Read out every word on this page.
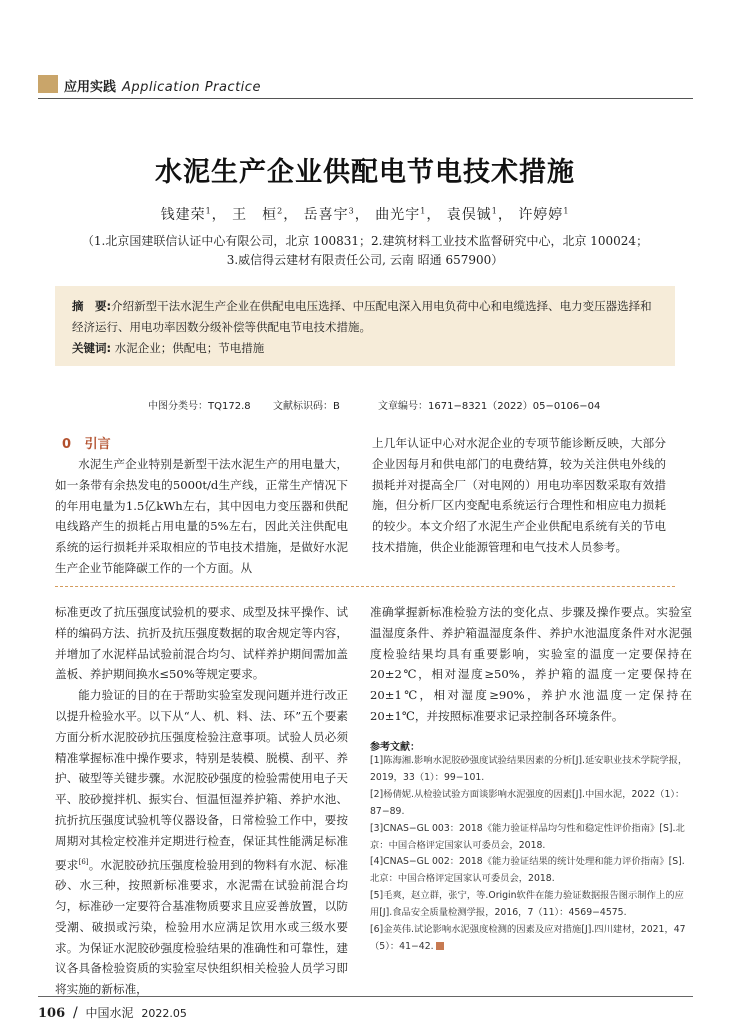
应用实践 Application Practice
水泥生产企业供配电节电技术措施
钱建荣$^1$， 王　桓$^2$， 岳喜宇$^3$， 曲光宇$^1$， 袁俣铖$^1$， 许婷婷$^1$
（1.北京国建联信认证中心有限公司，北京 100831；2.建筑材料工业技术监督研究中心，北京 100024；
3.威信得云建材有限责任公司, 云南 昭通 657900）
摘　要:介绍新型干法水泥生产企业在供配电电压选择、中压配电深入用电负荷中心和电缆选择、电力变压器选择和经济运行、用电功率因数分级补偿等供配电节电技术措施。
关键词: 水泥企业；供配电；节电措施
中图分类号：TQ172.8 文献标识码：B	文章编号：1671−8321（2022）05−0106−04
0 引言

水泥生产企业特别是新型干法水泥生产的用电量大，如一条带有余热发电的5000t/d生产线，正常生产情况下的年用电量为1.5亿kWh左右，其中因电力变压器和供配电线路产生的损耗占用电量的5%左右，因此关注供配电系统的运行损耗并采取相应的节电技术措施，是做好水泥生产企业节能降碳工作的一个方面。从

上几年认证中心对水泥企业的专项节能诊断反映，大部分企业因每月和供电部门的电费结算，较为关注供电外线的损耗并对提高全厂（对电网的）用电功率因数采取有效措施，但分析厂区内变配电系统运行合理性和相应电力损耗的较少。本文介绍了水泥生产企业供配电系统有关的节电技术措施，供企业能源管理和电气技术人员参考。

标准更改了抗压强度试验机的要求、成型及抹平操作、试样的编码方法、抗折及抗压强度数据的取舍规定等内容，并增加了水泥样品试验前混合均匀、试样养护期间需加盖盖板、养护期间换水≤50%等规定要求。

能力验证的目的在于帮助实验室发现问题并进行改正以提升检验水平。以下从“人、机、料、法、环”五个要素方面分析水泥胶砂抗压强度检验注意事项。试验人员必须精准掌握标准中操作要求，特别是装模、脱模、刮平、养护、破型等关键步骤。水泥胶砂强度的检验需使用电子天平、胶砂搅拌机、振实台、恒温恒湿养护箱、养护水池、抗折抗压强度试验机等仪器设备，日常检验工作中，要按周期对其检定校准并定期进行检查，保证其性能满足标准要求[6]。水泥胶砂抗压强度检验用到的物料有水泥、标准砂、水三种，按照新标准要求，水泥需在试验前混合均匀，标准砂一定要符合基准物质要求且应妥善放置，以防受潮、破损或污染，检验用水应满足饮用水或三级水要求。为保证水泥胶砂强度检验结果的准确性和可靠性，建议各具备检验资质的实验室尽快组织相关检验人员学习即将实施的新标准，

准确掌握新标准检验方法的变化点、步骤及操作要点。实验室温湿度条件、养护箱温湿度条件、养护水池温度条件对水泥强度检验结果均具有重要影响，实验室的温度一定要保持在20±2℃，相对湿度≥50%，养护箱的温度一定要保持在20±1℃，相对湿度≥90%，养护水池温度一定保持在20±1℃，并按照标准要求记录控制各环境条件。

参考文献：
[1]陈海湘.影响水泥胶砂强度试验结果因素的分析[J].延安职业技术学院学报，2019，33（1）：99−101.
[2]杨倩妮.从检验试验方面谈影响水泥强度的因素[J].中国水泥，2022（1）：87−89.
[3]CNAS−GL 003：2018《能力验证样品均匀性和稳定性评价指南》[S].北京：中国合格评定国家认可委员会，2018.
[4]CNAS−GL 002：2018《能力验证结果的统计处理和能力评价指南》[S].北京：中国合格评定国家认可委员会，2018.
[5]毛爽，赵立群，张宁，等.Origin软件在能力验证数据报告图示制作上的应用[J].食品安全质量检测学报，2016，7（11）：4569−4575.
[6]金英伟.试论影响水泥强度检测的因素及应对措施[J].四川建材，2021，47（5）：41−42.
106 / 中国水泥 2022.05
